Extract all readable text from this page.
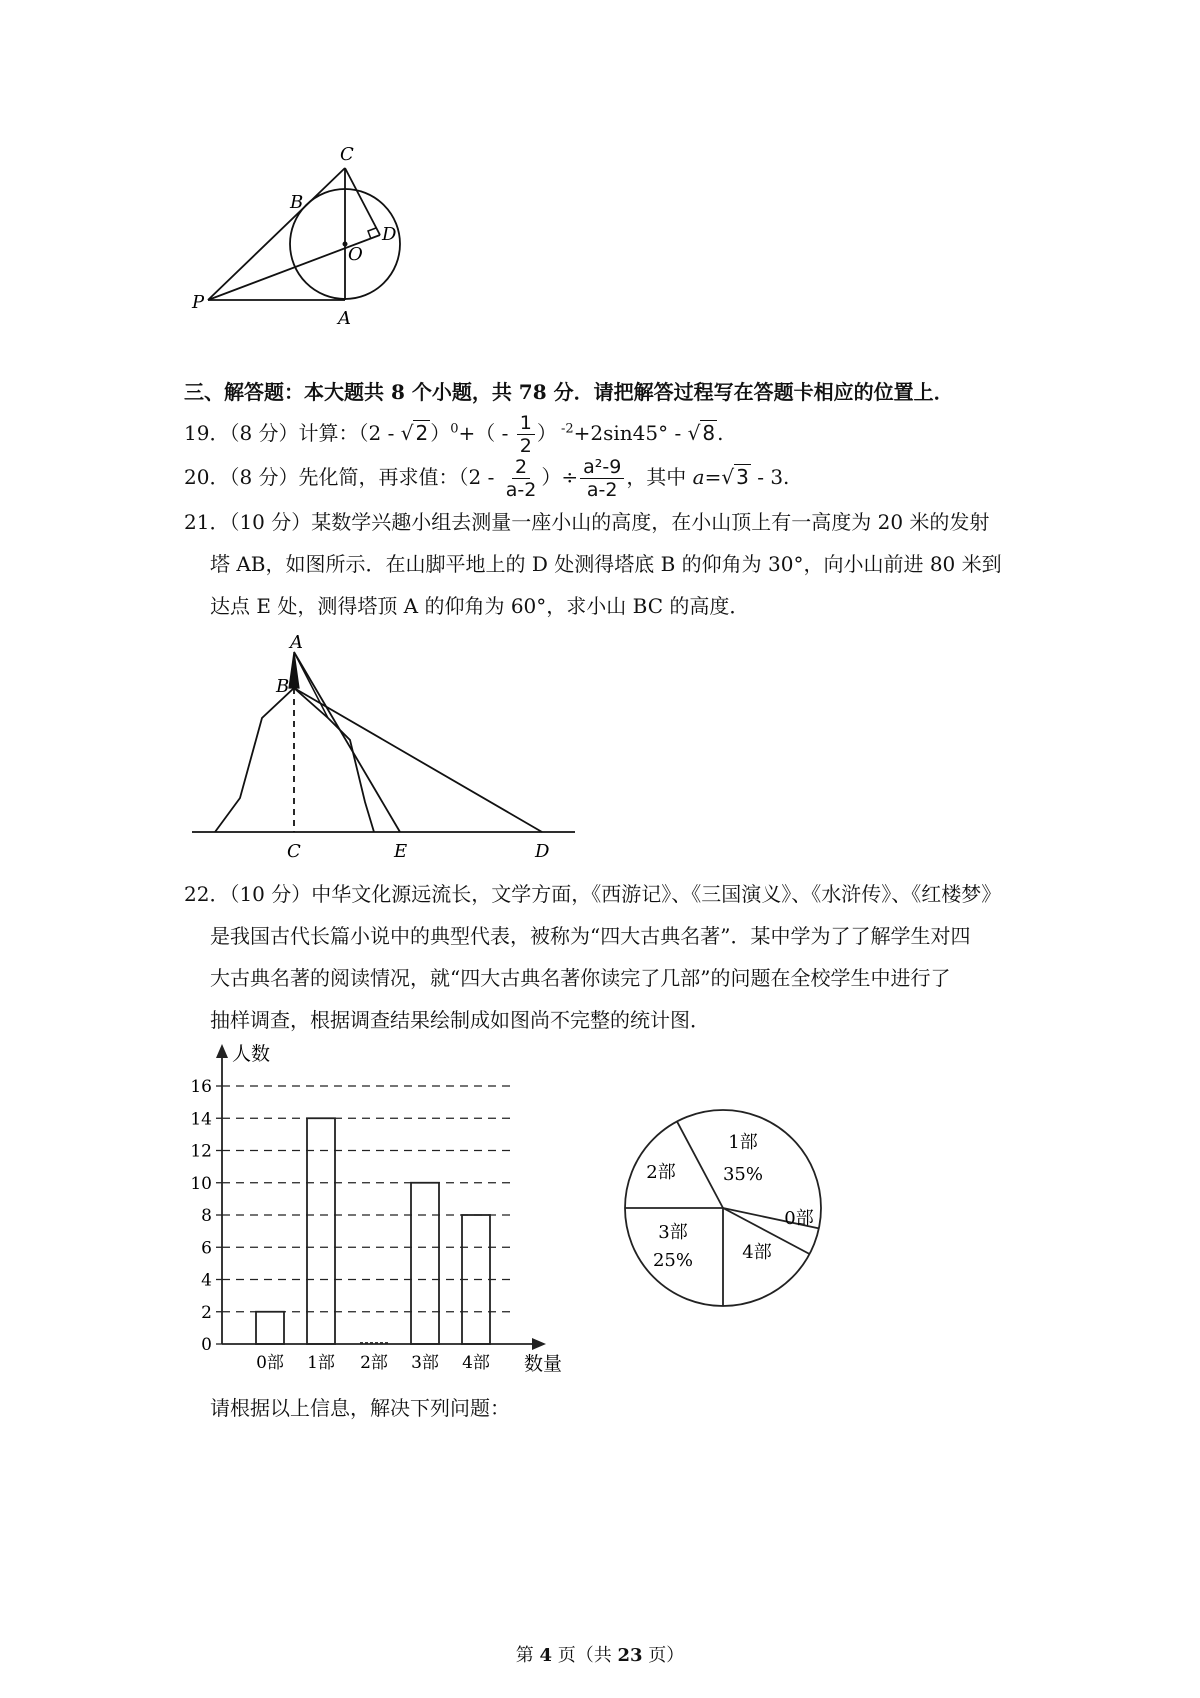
C
B
D
O
P
A
三、解答题：本大题共 8 个小题，共 78 分．请把解答过程写在答题卡相应的位置上．
19．（8 分）计算：（2 - √ 2 ）$^0+( - \frac{1}{2}$ ） $^{-2}$+2sin45° - √ 8 .
20．（8 分）先化简，再求值：（$2 - \frac{2}{a-2}$ ）÷ $\frac{\text{a²-9}}{a-2}$ ，其中 a=√ 3 - 3.
21．（10 分）某数学兴趣小组去测量一座小山的高度，在小山顶上有一高度为 20 米的发射
塔 AB，如图所示．在山脚平地上的 D 处测得塔底 B 的仰角为 30°，向小山前进 80 米到
达点 E 处，测得塔顶 A 的仰角为 60°，求小山 BC 的高度．
A
B
C	E	D
22．（10 分）中华文化源远流长，文学方面，《西游记》、《三国演义》、《水浒传》、《红楼梦》
是我国古代长篇小说中的典型代表，被称为“四大古典名著”．某中学为了了解学生对四
大古典名著的阅读情况，就“四大古典名著你读完了几部”的问题在全校学生中进行了
抽样调查，根据调查结果绘制成如图尚不完整的统计图．
0
2
4
6
8
10
12
14
16
人数
数量
0部 1部 2部 3部 4部
1部
35%
2部
3部
25%	4部
0部
请根据以上信息，解决下列问题：
第 4 页（共 23 页）
